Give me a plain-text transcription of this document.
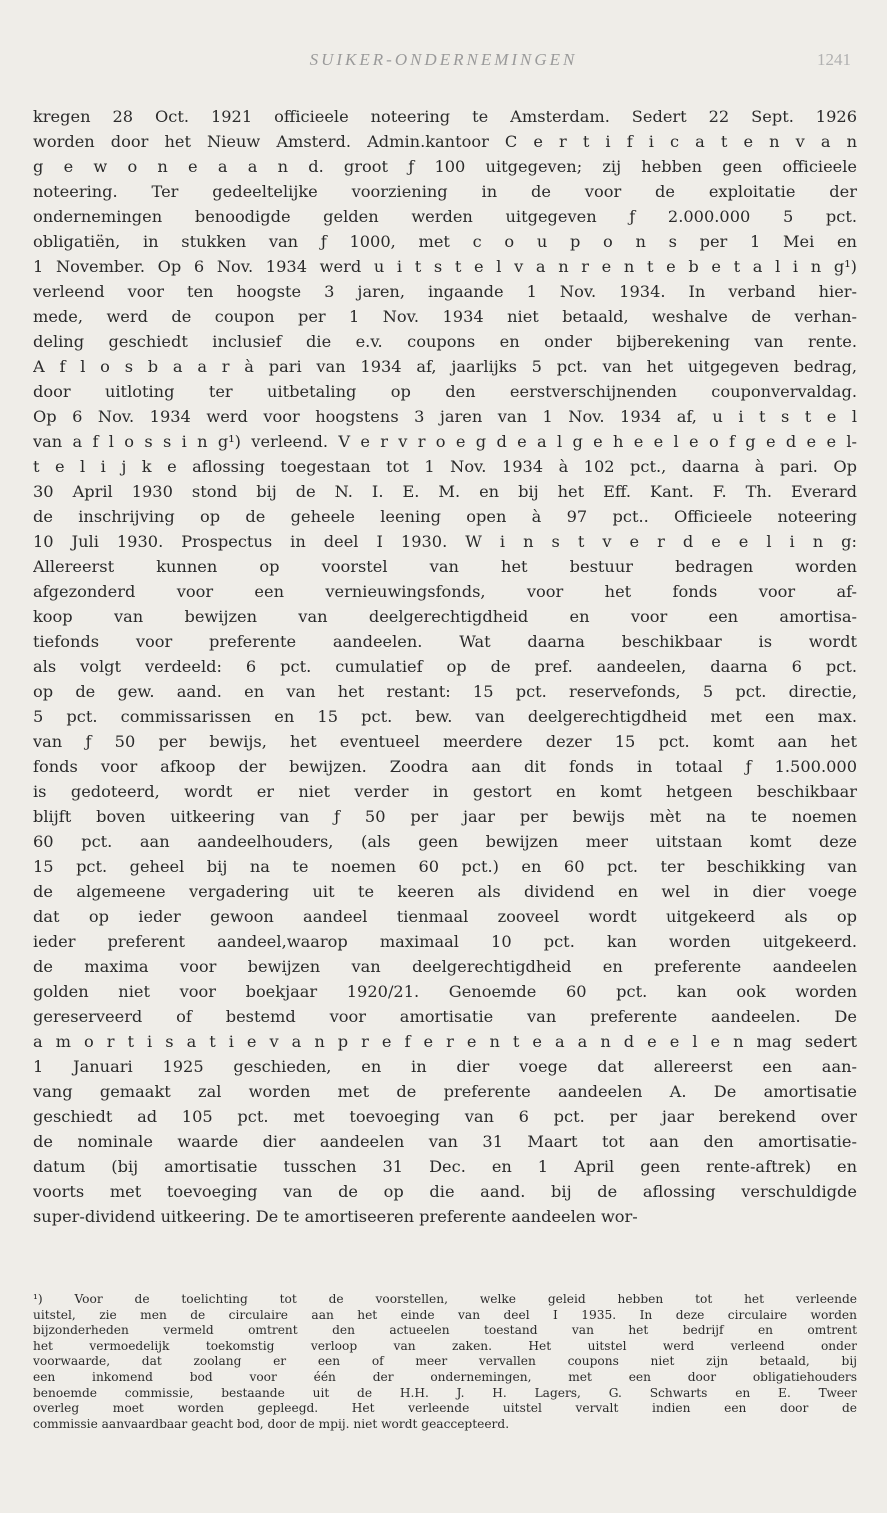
SUIKER-ONDERNEMINGEN	1241
kregen 28 Oct. 1921 officieele noteering te Amsterdam. Sedert 22 Sept. 1926
worden door het Nieuw Amsterd. Admin.kantoor C e r t i f i c a t e n v a n
g e w o n e a a n d. groot ƒ 100 uitgegeven; zij hebben geen officieele
noteering. Ter gedeeltelijke voorziening in de voor de exploitatie der
ondernemingen benoodigde gelden werden uitgegeven ƒ 2.000.000 5 pct.
obligatiën, in stukken van ƒ 1000, met c o u p o n s per 1 Mei en
1 November. Op 6 Nov. 1934 werd u i t s t e l v a n r e n t e b e t a l i n g¹)
verleend voor ten hoogste 3 jaren, ingaande 1 Nov. 1934. In verband hier-
mede, werd de coupon per 1 Nov. 1934 niet betaald, weshalve de verhan-
deling geschiedt inclusief die e.v. coupons en onder bijberekening van rente.
A f l o s b a a r à pari van 1934 af, jaarlijks 5 pct. van het uitgegeven bedrag,
door uitloting ter uitbetaling op den eerstverschijnenden couponvervaldag.
Op 6 Nov. 1934 werd voor hoogstens 3 jaren van 1 Nov. 1934 af, u i t s t e l
van a f l o s s i n g¹) verleend. V e r v r o e g d e a l g e h e e l e o f g e d e e l-
t e l i j k e aflossing toegestaan tot 1 Nov. 1934 à 102 pct., daarna à pari. Op
30 April 1930 stond bij de N. I. E. M. en bij het Eff. Kant. F. Th. Everard
de inschrijving op de geheele leening open à 97 pct.. Officieele noteering
10 Juli 1930. Prospectus in deel I 1930. W i n s t v e r d e e l i n g:
Allereerst kunnen op voorstel van het bestuur bedragen worden
afgezonderd voor een vernieuwingsfonds, voor het fonds voor af-
koop van bewijzen van deelgerechtigdheid en voor een amortisa-
tiefonds voor preferente aandeelen. Wat daarna beschikbaar is wordt
als volgt verdeeld: 6 pct. cumulatief op de pref. aandeelen, daarna 6 pct.
op de gew. aand. en van het restant: 15 pct. reservefonds, 5 pct. directie,
5 pct. commissarissen en 15 pct. bew. van deelgerechtigdheid met een max.
van ƒ 50 per bewijs, het eventueel meerdere dezer 15 pct. komt aan het
fonds voor afkoop der bewijzen. Zoodra aan dit fonds in totaal ƒ 1.500.000
is gedoteerd, wordt er niet verder in gestort en komt hetgeen beschikbaar
blijft boven uitkeering van ƒ 50 per jaar per bewijs mèt na te noemen
60 pct. aan aandeelhouders, (als geen bewijzen meer uitstaan komt deze
15 pct. geheel bij na te noemen 60 pct.) en 60 pct. ter beschikking van
de algemeene vergadering uit te keeren als dividend en wel in dier voege
dat op ieder gewoon aandeel tienmaal zooveel wordt uitgekeerd als op
ieder preferent aandeel,waarop maximaal 10 pct. kan worden uitgekeerd.
de maxima voor bewijzen van deelgerechtigdheid en preferente aandeelen
golden niet voor boekjaar 1920/21. Genoemde 60 pct. kan ook worden
gereserveerd of bestemd voor amortisatie van preferente aandeelen. De
a m o r t i s a t i e v a n p r e f e r e n t e a a n d e e l e n mag sedert
1 Januari 1925 geschieden, en in dier voege dat allereerst een aan-
vang gemaakt zal worden met de preferente aandeelen A. De amortisatie
geschiedt ad 105 pct. met toevoeging van 6 pct. per jaar berekend over
de nominale waarde dier aandeelen van 31 Maart tot aan den amortisatie-
datum (bij amortisatie tusschen 31 Dec. en 1 April geen rente-aftrek) en
voorts met toevoeging van de op die aand. bij de aflossing verschuldigde
super-dividend uitkeering. De te amortiseeren preferente aandeelen wor-
¹) Voor de toelichting tot de voorstellen, welke geleid hebben tot het verleende
uitstel, zie men de circulaire aan het einde van deel I 1935. In deze circulaire worden
bijzonderheden vermeld omtrent den actueelen toestand van het bedrijf en omtrent
het vermoedelijk toekomstig verloop van zaken. Het uitstel werd verleend onder
voorwaarde, dat zoolang er een of meer vervallen coupons niet zijn betaald, bij
een inkomend bod voor één der ondernemingen, met een door obligatiehouders
benoemde commissie, bestaande uit de H.H. J. H. Lagers, G. Schwarts en E. Tweer
overleg moet worden gepleegd. Het verleende uitstel vervalt indien een door de
commissie aanvaardbaar geacht bod, door de mpij. niet wordt geaccepteerd.
